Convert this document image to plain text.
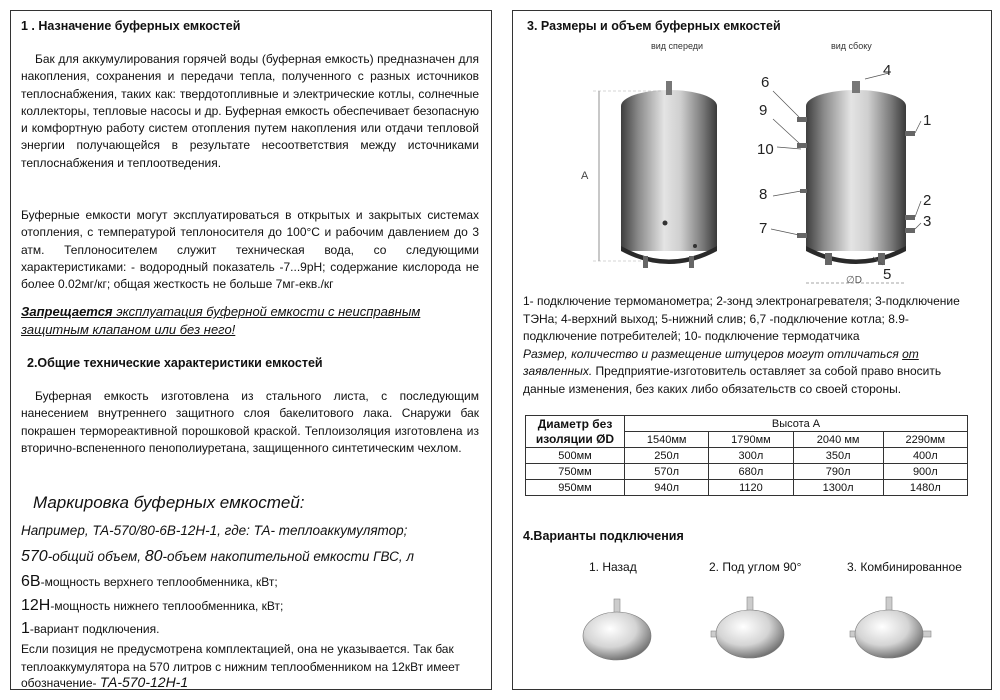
1 . Назначение буферных емкостей
Бак для аккумулирования горячей воды (буферная емкость) предназначен для накопления, сохранения и передачи тепла, полученного с разных источников теплоснабжения, таких как: твердотопливные и электрические котлы, солнечные коллекторы, тепловые насосы и др. Буферная емкость обеспечивает безопасную и комфортную работу систем отопления путем накопления или отдачи тепловой энергии получающейся в результате несоответствия между источниками теплоснабжения и теплоотведения.
Буферные емкости могут эксплуатироваться в открытых и закрытых системах отопления, с температурой теплоносителя до 100°С и рабочим давлением до 3 атм. Теплоносителем служит техническая вода, со следующими характеристиками: - водородный показатель -7...9рН; содержание кислорода не более 0.02мг/кг; общая жесткость не больше 7мг-екв./кг
Запрещается эксплуатация буферной емкости с неисправным защитным клапаном или без него!
2.Общие технические характеристики емкостей
Буферная емкость изготовлена из стального листа, с последующим нанесением внутреннего защитного слоя бакелитового лака. Снаружи бак покрашен термореактивной порошковой краской. Теплоизоляция изготовлена из вторично-вспененного пенополиуретана, защищенного синтетическим чехлом.
Маркировка буферных емкостей:
Например, ТА-570/80-6В-12Н-1, где: ТА- теплоаккумулятор;
570-общий объем, 80-объем накопительной емкости ГВС, л
6В-мощность верхнего теплообменника, кВт;
12Н-мощность нижнего теплообменника, кВт;
1-вариант подключения.
Если позиция не предусмотрена комплектацией, она не указывается. Так бак теплоаккумулятора на 570 литров с нижним теплообменником на 12кВт имеет
обозначение- ТА-570-12Н-1
3. Размеры и объем буферных емкостей
вид спереди	вид сбоку
A
6
9
10
8
7
4
1
2
3
5
∅D
1- подключение термоманометра; 2-зонд электронагревателя; 3-подключение ТЭНа; 4-верхний выход; 5-нижний слив; 6,7 -подключение котла; 8.9-подключение потребителей; 10- подключение термодатчика
Размер, количество и размещение штуцеров могут отличаться от заявленных. Предприятие-изготовитель оставляет за собой право вносить данные изменения, без каких либо обязательств со своей стороны.
Диаметр без
изоляции ØD	Высота А			
	1540мм	1790мм	2040 мм	2290мм
500мм	250л	300л	350л	400л
750мм	570л	680л	790л	900л
950мм	940л	1120	1300л	1480л
4.Варианты подключения
1. Назад	2. Под углом 90°	3. Комбинированное
